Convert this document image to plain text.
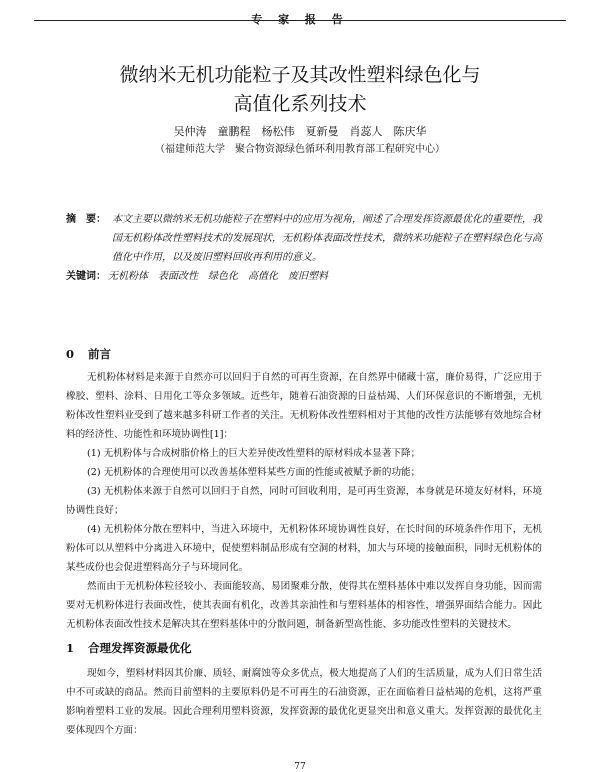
专 家 报 告
微纳米无机功能粒子及其改性塑料绿色化与
高值化系列技术
吴仲涛　童鹏程　杨松伟　夏新曼　肖蕊人　陈庆华
（福建师范大学　聚合物资源绿色循环利用教育部工程研究中心）
摘　要： 本文主要以微纳米无机功能粒子在塑料中的应用为视角，阐述了合理发挥资源最优化的重要性，我国无机粉体改性塑料技术的发展现状，无机粉体表面改性技术，微纳米功能粒子在塑料绿色化与高值化中作用，以及废旧塑料回收再利用的意义。
关键词： 无机粉体　表面改性　绿色化　高值化　废旧塑料
0 前言

无机粉体材料是来源于自然亦可以回归于自然的可再生资源，在自然界中储藏十富，廉价易得，广泛应用于橡胶、塑料、涂料、日用化工等众多领域。近些年，随着石油资源的日益枯竭、人们环保意识的不断增强，无机粉体改性塑料业受到了越来越多科研工作者的关注。无机粉体改性塑料相对于其他的改性方法能够有效地综合材料的经济性、功能性和环境协调性[1]：

(1) 无机粉体与合成树脂价格上的巨大差异使改性塑料的原材料成本显著下降；

(2) 无机粉体的合理使用可以改善基体塑料某些方面的性能或被赋予新的功能；

(3) 无机粉体来源于自然可以回归于自然，同时可回收利用，是可再生资源，本身就是环境友好材料，环境协调性良好；

(4) 无机粉体分散在塑料中，当进入环境中，无机粉体环境协调性良好，在长时间的环境条件作用下，无机粉体可以从塑料中分离进入环境中，促使塑料制品形成有空洞的材料，加大与环境的接触面积，同时无机粉体的某些成份也会促进塑料高分子与环境同化。

然而由于无机粉体粒径较小、表面能较高、易团聚难分散，使得其在塑料基体中难以发挥自身功能，因而需要对无机粉体进行表面改性，使其表面有机化，改善其亲油性和与塑料基体的相容性，增强界面结合能力。因此无机粉体表面改性技术是解决其在塑料基体中的分散问题，制备新型高性能、多功能改性塑料的关键技术。

1 合理发挥资源最优化

现如今，塑料材料因其价廉、质轻、耐腐蚀等众多优点，极大地提高了人们的生活质量，成为人们日常生活中不可或缺的商品。然而目前塑料的主要原料仍是不可再生的石油资源，正在面临着日益枯竭的危机，这将严重影响着塑料工业的发展。因此合理利用塑料资源，发挥资源的最优化更显突出和意义重大。发挥资源的最优化主要体现四个方面：

77
